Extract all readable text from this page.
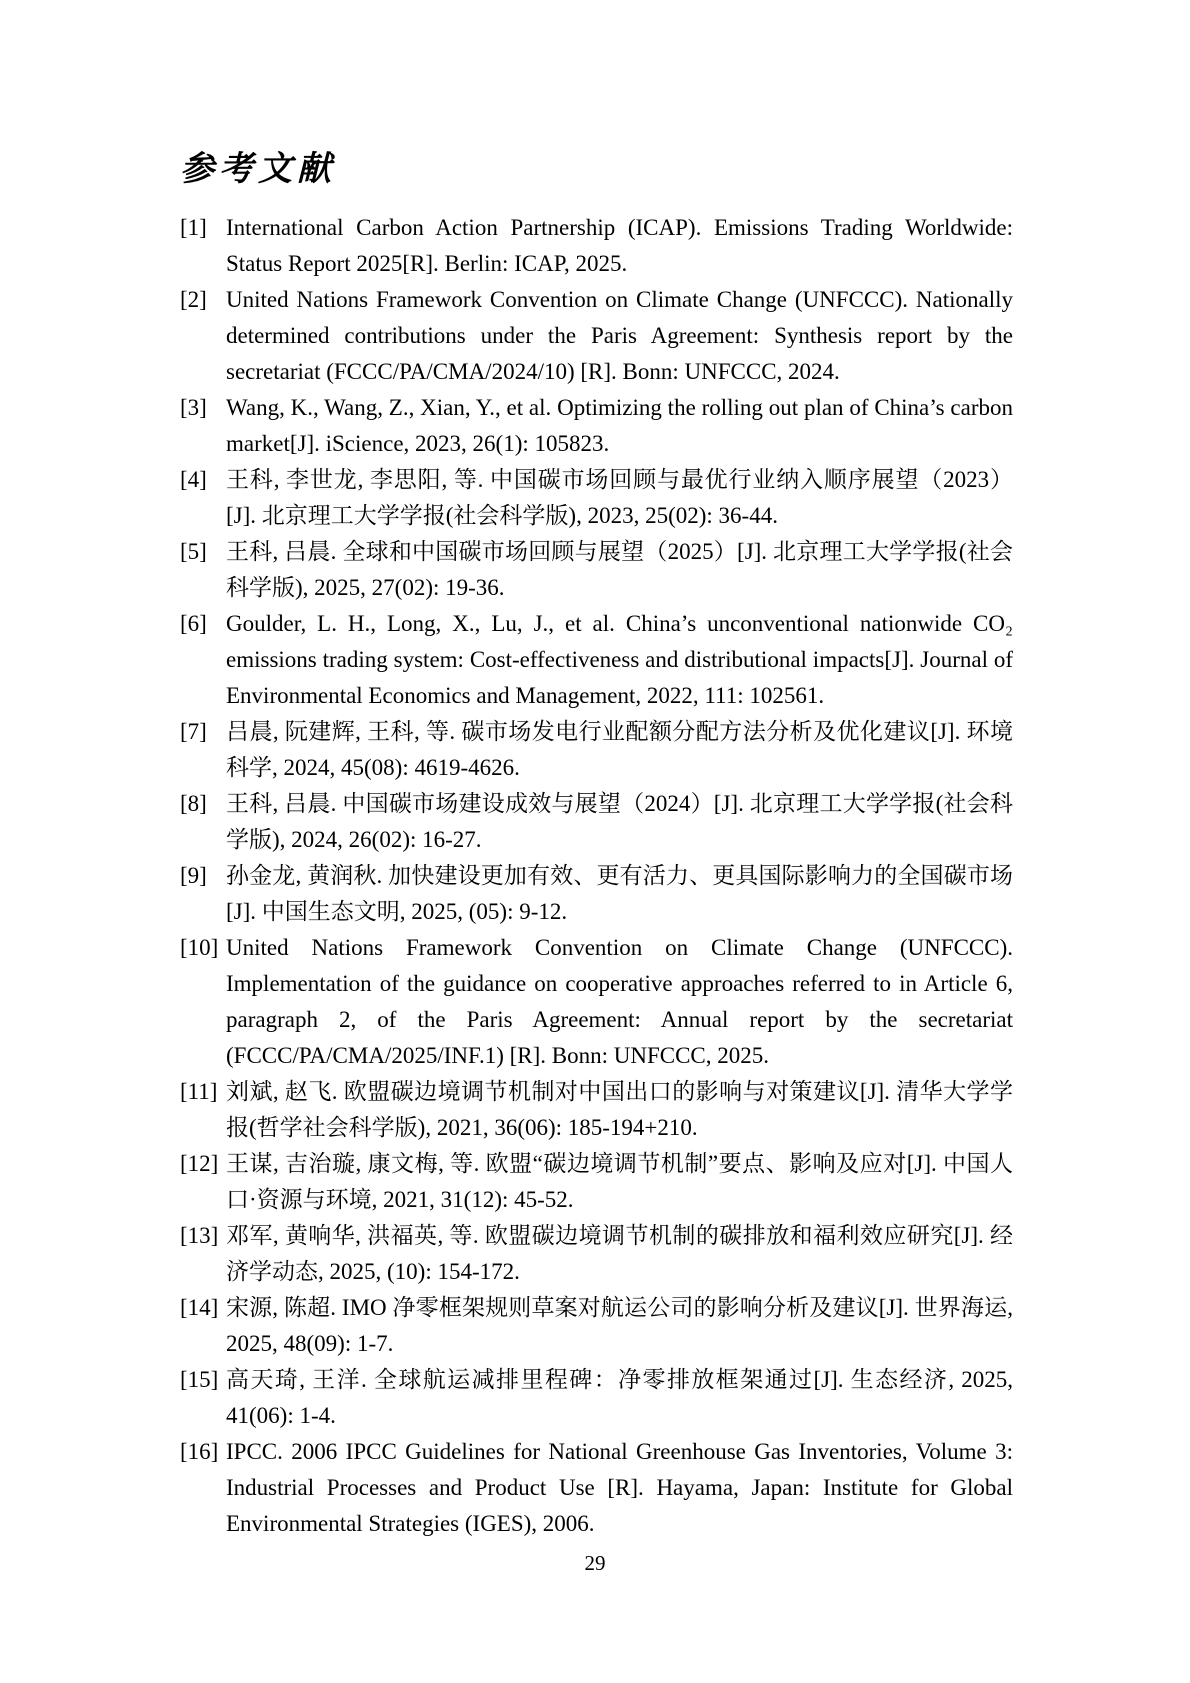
参考文献
[1] International Carbon Action Partnership (ICAP). Emissions Trading Worldwide: Status Report 2025[R]. Berlin: ICAP, 2025.
[2] United Nations Framework Convention on Climate Change (UNFCCC). Nationally determined contributions under the Paris Agreement: Synthesis report by the secretariat (FCCC/PA/CMA/2024/10) [R]. Bonn: UNFCCC, 2024.
[3] Wang, K., Wang, Z., Xian, Y., et al. Optimizing the rolling out plan of China’s carbon market[J]. iScience, 2023, 26(1): 105823.
[4] 王科, 李世龙, 李思阳, 等. 中国碳市场回顾与最优行业纳入顺序展望（2023）[J]. 北京理工大学学报(社会科学版), 2023, 25(02): 36-44.
[5] 王科, 吕晨. 全球和中国碳市场回顾与展望（2025）[J]. 北京理工大学学报(社会科学版), 2025, 27(02): 19-36.
[6] Goulder, L. H., Long, X., Lu, J., et al. China’s unconventional nationwide CO₂ emissions trading system: Cost-effectiveness and distributional impacts[J]. Journal of Environmental Economics and Management, 2022, 111: 102561.
[7] 吕晨, 阮建辉, 王科, 等. 碳市场发电行业配额分配方法分析及优化建议[J]. 环境科学, 2024, 45(08): 4619-4626.
[8] 王科, 吕晨. 中国碳市场建设成效与展望（2024）[J]. 北京理工大学学报(社会科学版), 2024, 26(02): 16-27.
[9] 孙金龙, 黄润秋. 加快建设更加有效、更有活力、更具国际影响力的全国碳市场[J]. 中国生态文明, 2025, (05): 9-12.
[10] United Nations Framework Convention on Climate Change (UNFCCC). Implementation of the guidance on cooperative approaches referred to in Article 6, paragraph 2, of the Paris Agreement: Annual report by the secretariat (FCCC/PA/CMA/2025/INF.1) [R]. Bonn: UNFCCC, 2025.
[11] 刘斌, 赵飞. 欧盟碳边境调节机制对中国出口的影响与对策建议[J]. 清华大学学报(哲学社会科学版), 2021, 36(06): 185-194+210.
[12] 王谋, 吉治璇, 康文梅, 等. 欧盟“碳边境调节机制”要点、影响及应对[J]. 中国人口·资源与环境, 2021, 31(12): 45-52.
[13] 邓军, 黄响华, 洪福英, 等. 欧盟碳边境调节机制的碳排放和福利效应研究[J]. 经济学动态, 2025, (10): 154-172.
[14] 宋源, 陈超. IMO 净零框架规则草案对航运公司的影响分析及建议[J]. 世界海运, 2025, 48(09): 1-7.
[15] 高天琦, 王洋. 全球航运减排里程碑：净零排放框架通过[J]. 生态经济, 2025, 41(06): 1-4.
[16] IPCC. 2006 IPCC Guidelines for National Greenhouse Gas Inventories, Volume 3: Industrial Processes and Product Use [R]. Hayama, Japan: Institute for Global Environmental Strategies (IGES), 2006.
29
